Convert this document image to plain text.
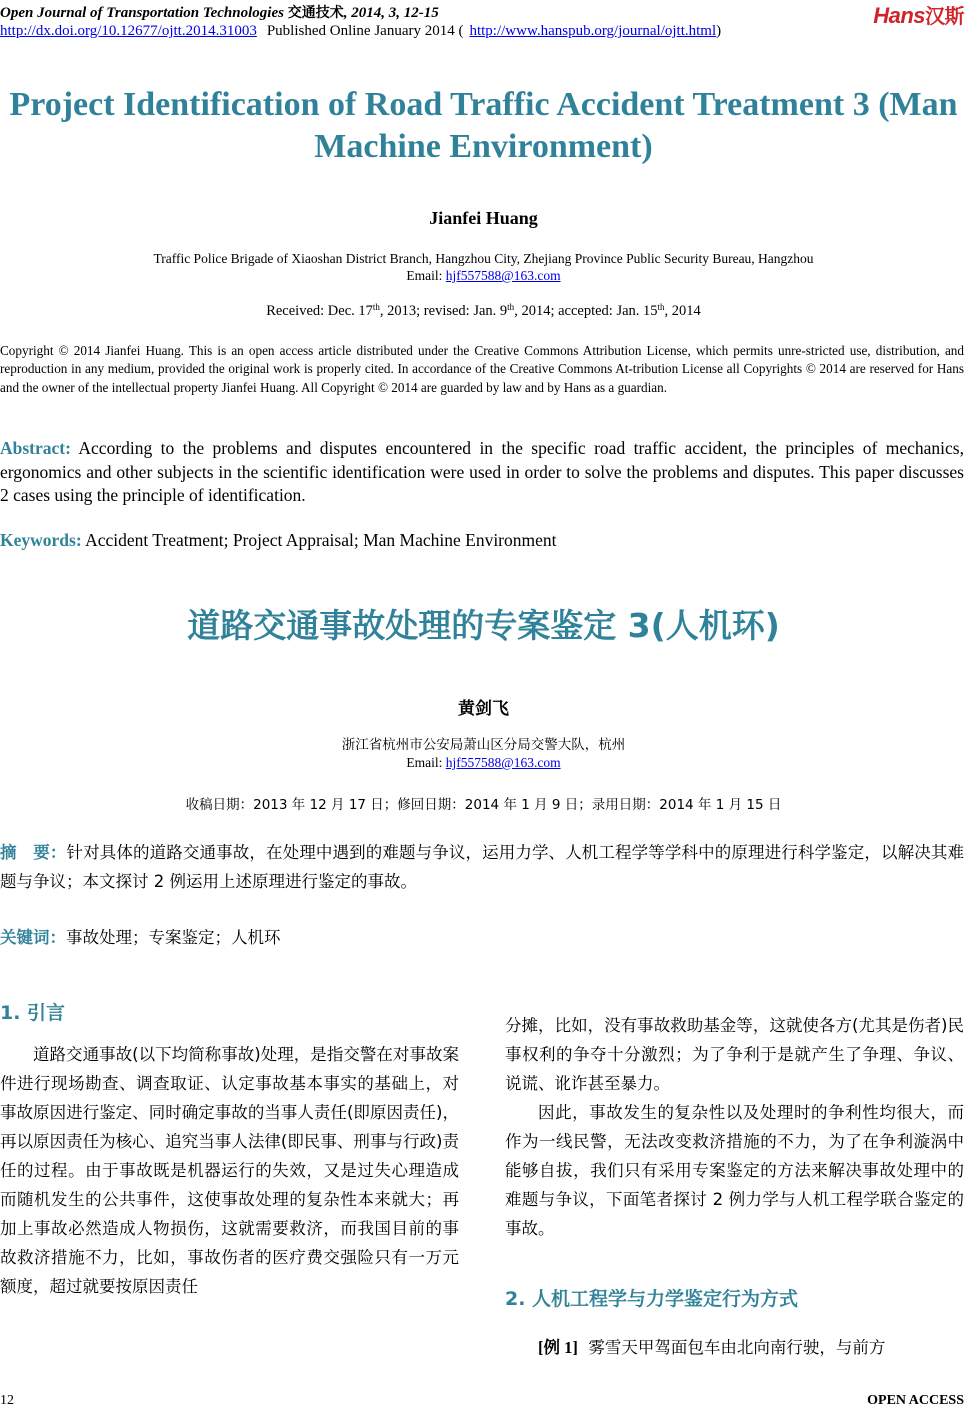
Open Journal of Transportation Technologies 交通技术, 2014, 3, 12-15	Hans汉斯
http://dx.doi.org/10.12677/ojtt.2014.31003 Published Online January 2014 ( http://www.hanspub.org/journal/ojtt.html)
Project Identification of Road Traffic Accident Treatment 3 (Man Machine Environment)
Jianfei Huang
Traffic Police Brigade of Xiaoshan District Branch, Hangzhou City, Zhejiang Province Public Security Bureau, Hangzhou
Email: hjf557588@163.com
Received: Dec. 17th, 2013; revised: Jan. 9th, 2014; accepted: Jan. 15th, 2014
Copyright © 2014 Jianfei Huang. This is an open access article distributed under the Creative Commons Attribution License, which permits unre-stricted use, distribution, and reproduction in any medium, provided the original work is properly cited. In accordance of the Creative Commons At-tribution License all Copyrights © 2014 are reserved for Hans and the owner of the intellectual property Jianfei Huang. All Copyright © 2014 are guarded by law and by Hans as a guardian.
Abstract: According to the problems and disputes encountered in the specific road traffic accident, the principles of mechanics, ergonomics and other subjects in the scientific identification were used in order to solve the problems and disputes. This paper discusses 2 cases using the principle of identification.
Keywords: Accident Treatment; Project Appraisal; Man Machine Environment
道路交通事故处理的专案鉴定 3(人机环)
黄剑飞
浙江省杭州市公安局萧山区分局交警大队，杭州
Email: hjf557588@163.com
收稿日期：2013 年 12 月 17 日；修回日期：2014 年 1 月 9 日；录用日期：2014 年 1 月 15 日
摘　要：针对具体的道路交通事故，在处理中遇到的难题与争议，运用力学、人机工程学等学科中的原理进行科学鉴定，以解决其难题与争议；本文探讨 2 例运用上述原理进行鉴定的事故。
关键词：事故处理；专案鉴定；人机环
1. 引言

道路交通事故(以下均简称事故)处理，是指交警在对事故案件进行现场勘查、调查取证、认定事故基本事实的基础上，对事故原因进行鉴定、同时确定事故的当事人责任(即原因责任)，再以原因责任为核心、追究当事人法律(即民事、刑事与行政)责任的过程。由于事故既是机器运行的失效，又是过失心理造成而随机发生的公共事件，这使事故处理的复杂性本来就大；再加上事故必然造成人物损伤，这就需要救济，而我国目前的事故救济措施不力，比如，事故伤者的医疗费交强险只有一万元额度，超过就要按原因责任

分摊，比如，没有事故救助基金等，这就使各方(尤其是伤者)民事权利的争夺十分激烈；为了争利于是就产生了争理、争议、说谎、讹诈甚至暴力。

因此，事故发生的复杂性以及处理时的争利性均很大，而作为一线民警，无法改变救济措施的不力，为了在争利漩涡中能够自拔，我们只有采用专案鉴定的方法来解决事故处理中的难题与争议，下面笔者探讨 2 例力学与人机工程学联合鉴定的事故。

2. 人机工程学与力学鉴定行为方式
[例 1] 雾雪天甲驾面包车由北向南行驶，与前方
12	OPEN ACCESS
